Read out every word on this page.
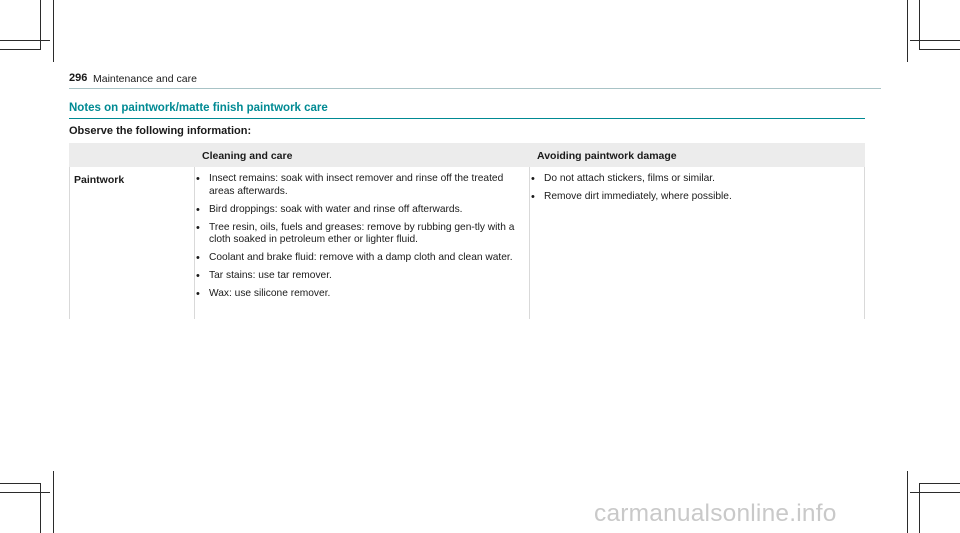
296 Maintenance and care
Notes on paintwork/matte finish paintwork care
Observe the following information:
Cleaning and care	Avoiding paintwork damage
Paintwork
•	Insect remains: soak with insect remover and rinse off the treated areas afterwards.
• Bird droppings: soak with water and rinse off afterwards.
• Tree resin, oils, fuels and greases: remove by rubbing gen-tly with a cloth soaked in petroleum ether or lighter fluid.
• Coolant and brake fluid: remove with a damp cloth and clean water.
• Tar stains: use tar remover.
• Wax: use silicone remover.
• Do not attach stickers, films or similar.
• Remove dirt immediately, where possible.
carmanualsonline.info
